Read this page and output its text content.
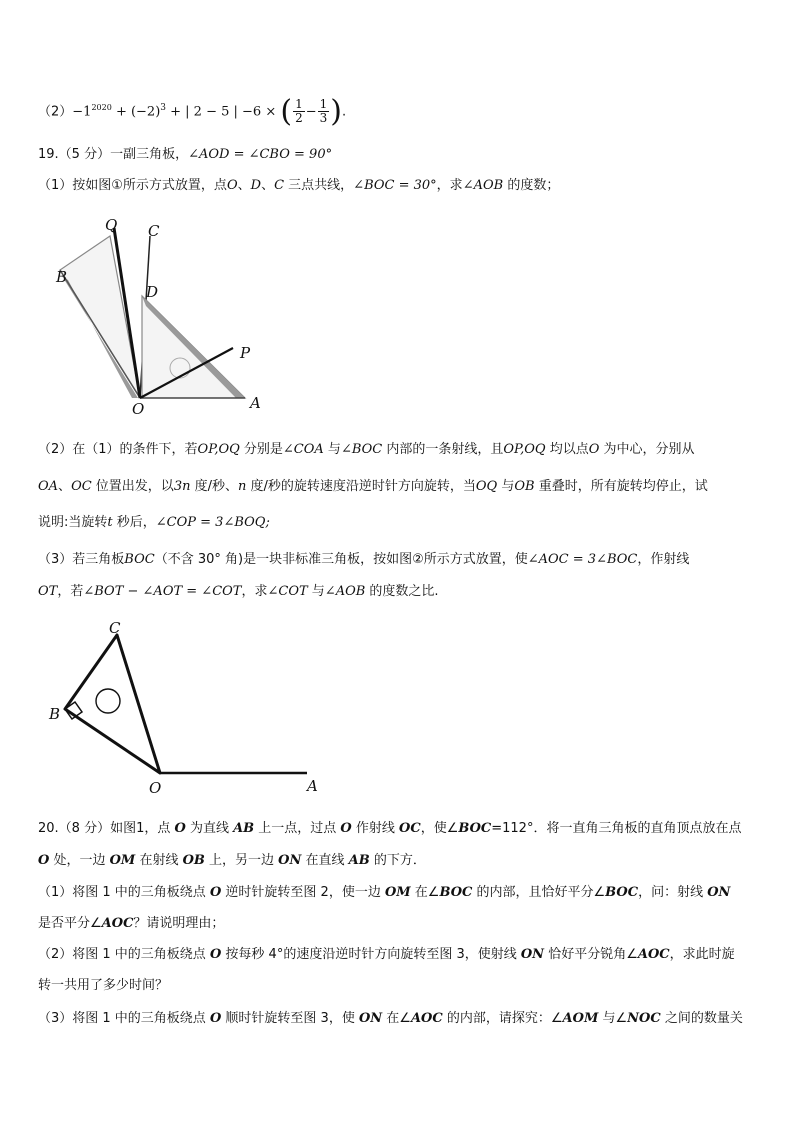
$(2)-1^{2020} + (-2)^3$ + | 2 − 5 | −6 × ( $\frac{1}{2} - \frac{1}{3}$ ).
19.（5 分）一副三角板，∠AOD = ∠CBO = 90°
（1）按如图①所示方式放置，点O、D、C 三点共线，∠BOC = 30°，求∠AOB 的度数；
Q C
B
D
P
O	A
（2）在（1）的条件下，若OP,OQ 分别是∠COA 与∠BOC 内部的一条射线，且OP,OQ 均以点O 为中心，分别从
OA、OC 位置出发，以3n 度/秒、n 度/秒的旋转速度沿逆时针方向旋转，当OQ 与OB 重叠时，所有旋转均停止，试
说明:当旋转t 秒后，∠COP = 3∠BOQ;
（3）若三角板BOC（不含 30° 角)是一块非标准三角板，按如图②所示方式放置，使∠AOC = 3∠BOC，作射线
OT，若∠BOT − ∠AOT = ∠COT，求∠COT 与∠AOB 的度数之比.
C
B
O	A
20.（8 分）如图1，点 O 为直线 AB 上一点，过点 O 作射线 OC，使∠BOC=112°．将一直角三角板的直角顶点放在点
O 处，一边 OM 在射线 OB 上，另一边 ON 在直线 AB 的下方．
（1）将图 1 中的三角板绕点 O 逆时针旋转至图 2，使一边 OM 在∠BOC 的内部，且恰好平分∠BOC，问：射线 ON
是否平分∠AOC？请说明理由；
（2）将图 1 中的三角板绕点 O 按每秒 4°的速度沿逆时针方向旋转至图 3，使射线 ON 恰好平分锐角∠AOC，求此时旋
转一共用了多少时间？
（3）将图 1 中的三角板绕点 O 顺时针旋转至图 3，使 ON 在∠AOC 的内部，请探究：∠AOM 与∠NOC 之间的数量关
